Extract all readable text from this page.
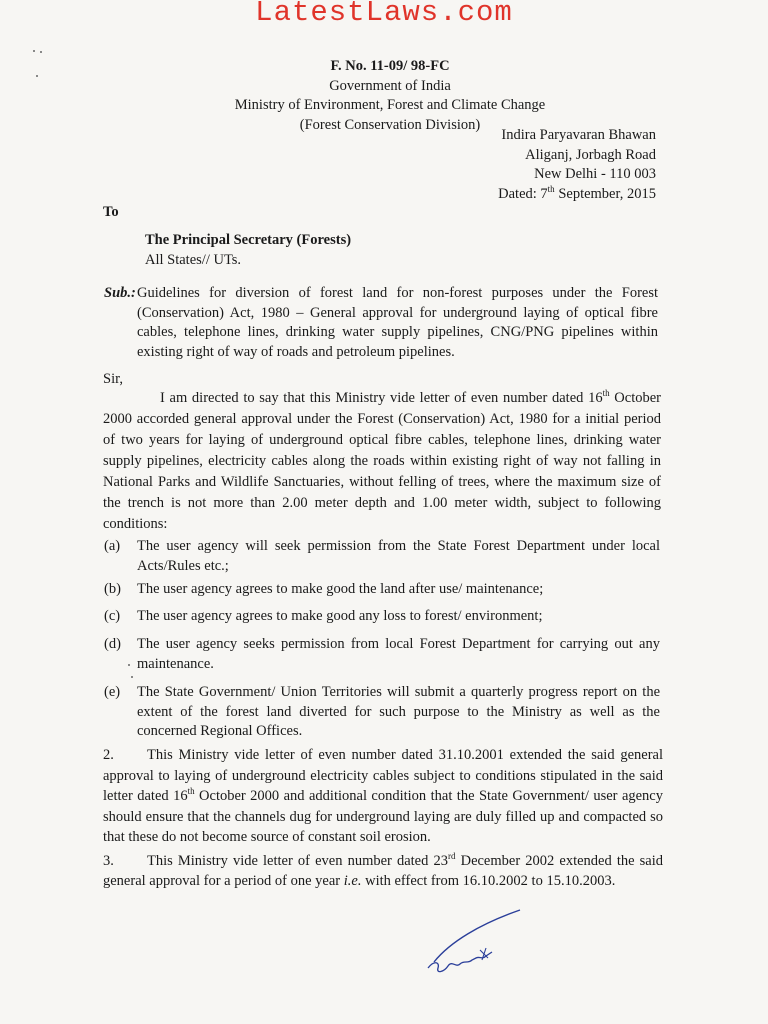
LatestLaws.com

F. No. 11-09/ 98-FC
Government of India
Ministry of Environment, Forest and Climate Change
(Forest Conservation Division)
Indira Paryavaran Bhawan
Aliganj, Jorbagh Road
New Delhi - 110 003
Dated: 7th September, 2015
To
The Principal Secretary (Forests)
All States// UTs.
Sub.: Guidelines for diversion of forest land for non-forest purposes under the Forest (Conservation) Act, 1980 – General approval for underground laying of optical fibre cables, telephone lines, drinking water supply pipelines, CNG/PNG pipelines within existing right of way of roads and petroleum pipelines.
Sir,
I am directed to say that this Ministry vide letter of even number dated 16th October 2000 accorded general approval under the Forest (Conservation) Act, 1980 for a initial period of two years for laying of underground optical fibre cables, telephone lines, drinking water supply pipelines, electricity cables along the roads within existing right of way not falling in National Parks and Wildlife Sanctuaries, without felling of trees, where the maximum size of the trench is not more than 2.00 meter depth and 1.00 meter width, subject to following conditions:
(a) The user agency will seek permission from the State Forest Department under local Acts/Rules etc.;
(b) The user agency agrees to make good the land after use/ maintenance;
(c) The user agency agrees to make good any loss to forest/ environment;
(d) The user agency seeks permission from local Forest Department for carrying out any maintenance.
(e) The State Government/ Union Territories will submit a quarterly progress report on the extent of the forest land diverted for such purpose to the Ministry as well as the concerned Regional Offices.
2. This Ministry vide letter of even number dated 31.10.2001 extended the said general approval to laying of underground electricity cables subject to conditions stipulated in the said letter dated 16th October 2000 and additional condition that the State Government/ user agency should ensure that the channels dug for underground laying are duly filled up and compacted so that these do not become source of constant soil erosion.
3. This Ministry vide letter of even number dated 23rd December 2002 extended the said general approval for a period of one year i.e. with effect from 16.10.2002 to 15.10.2003.
